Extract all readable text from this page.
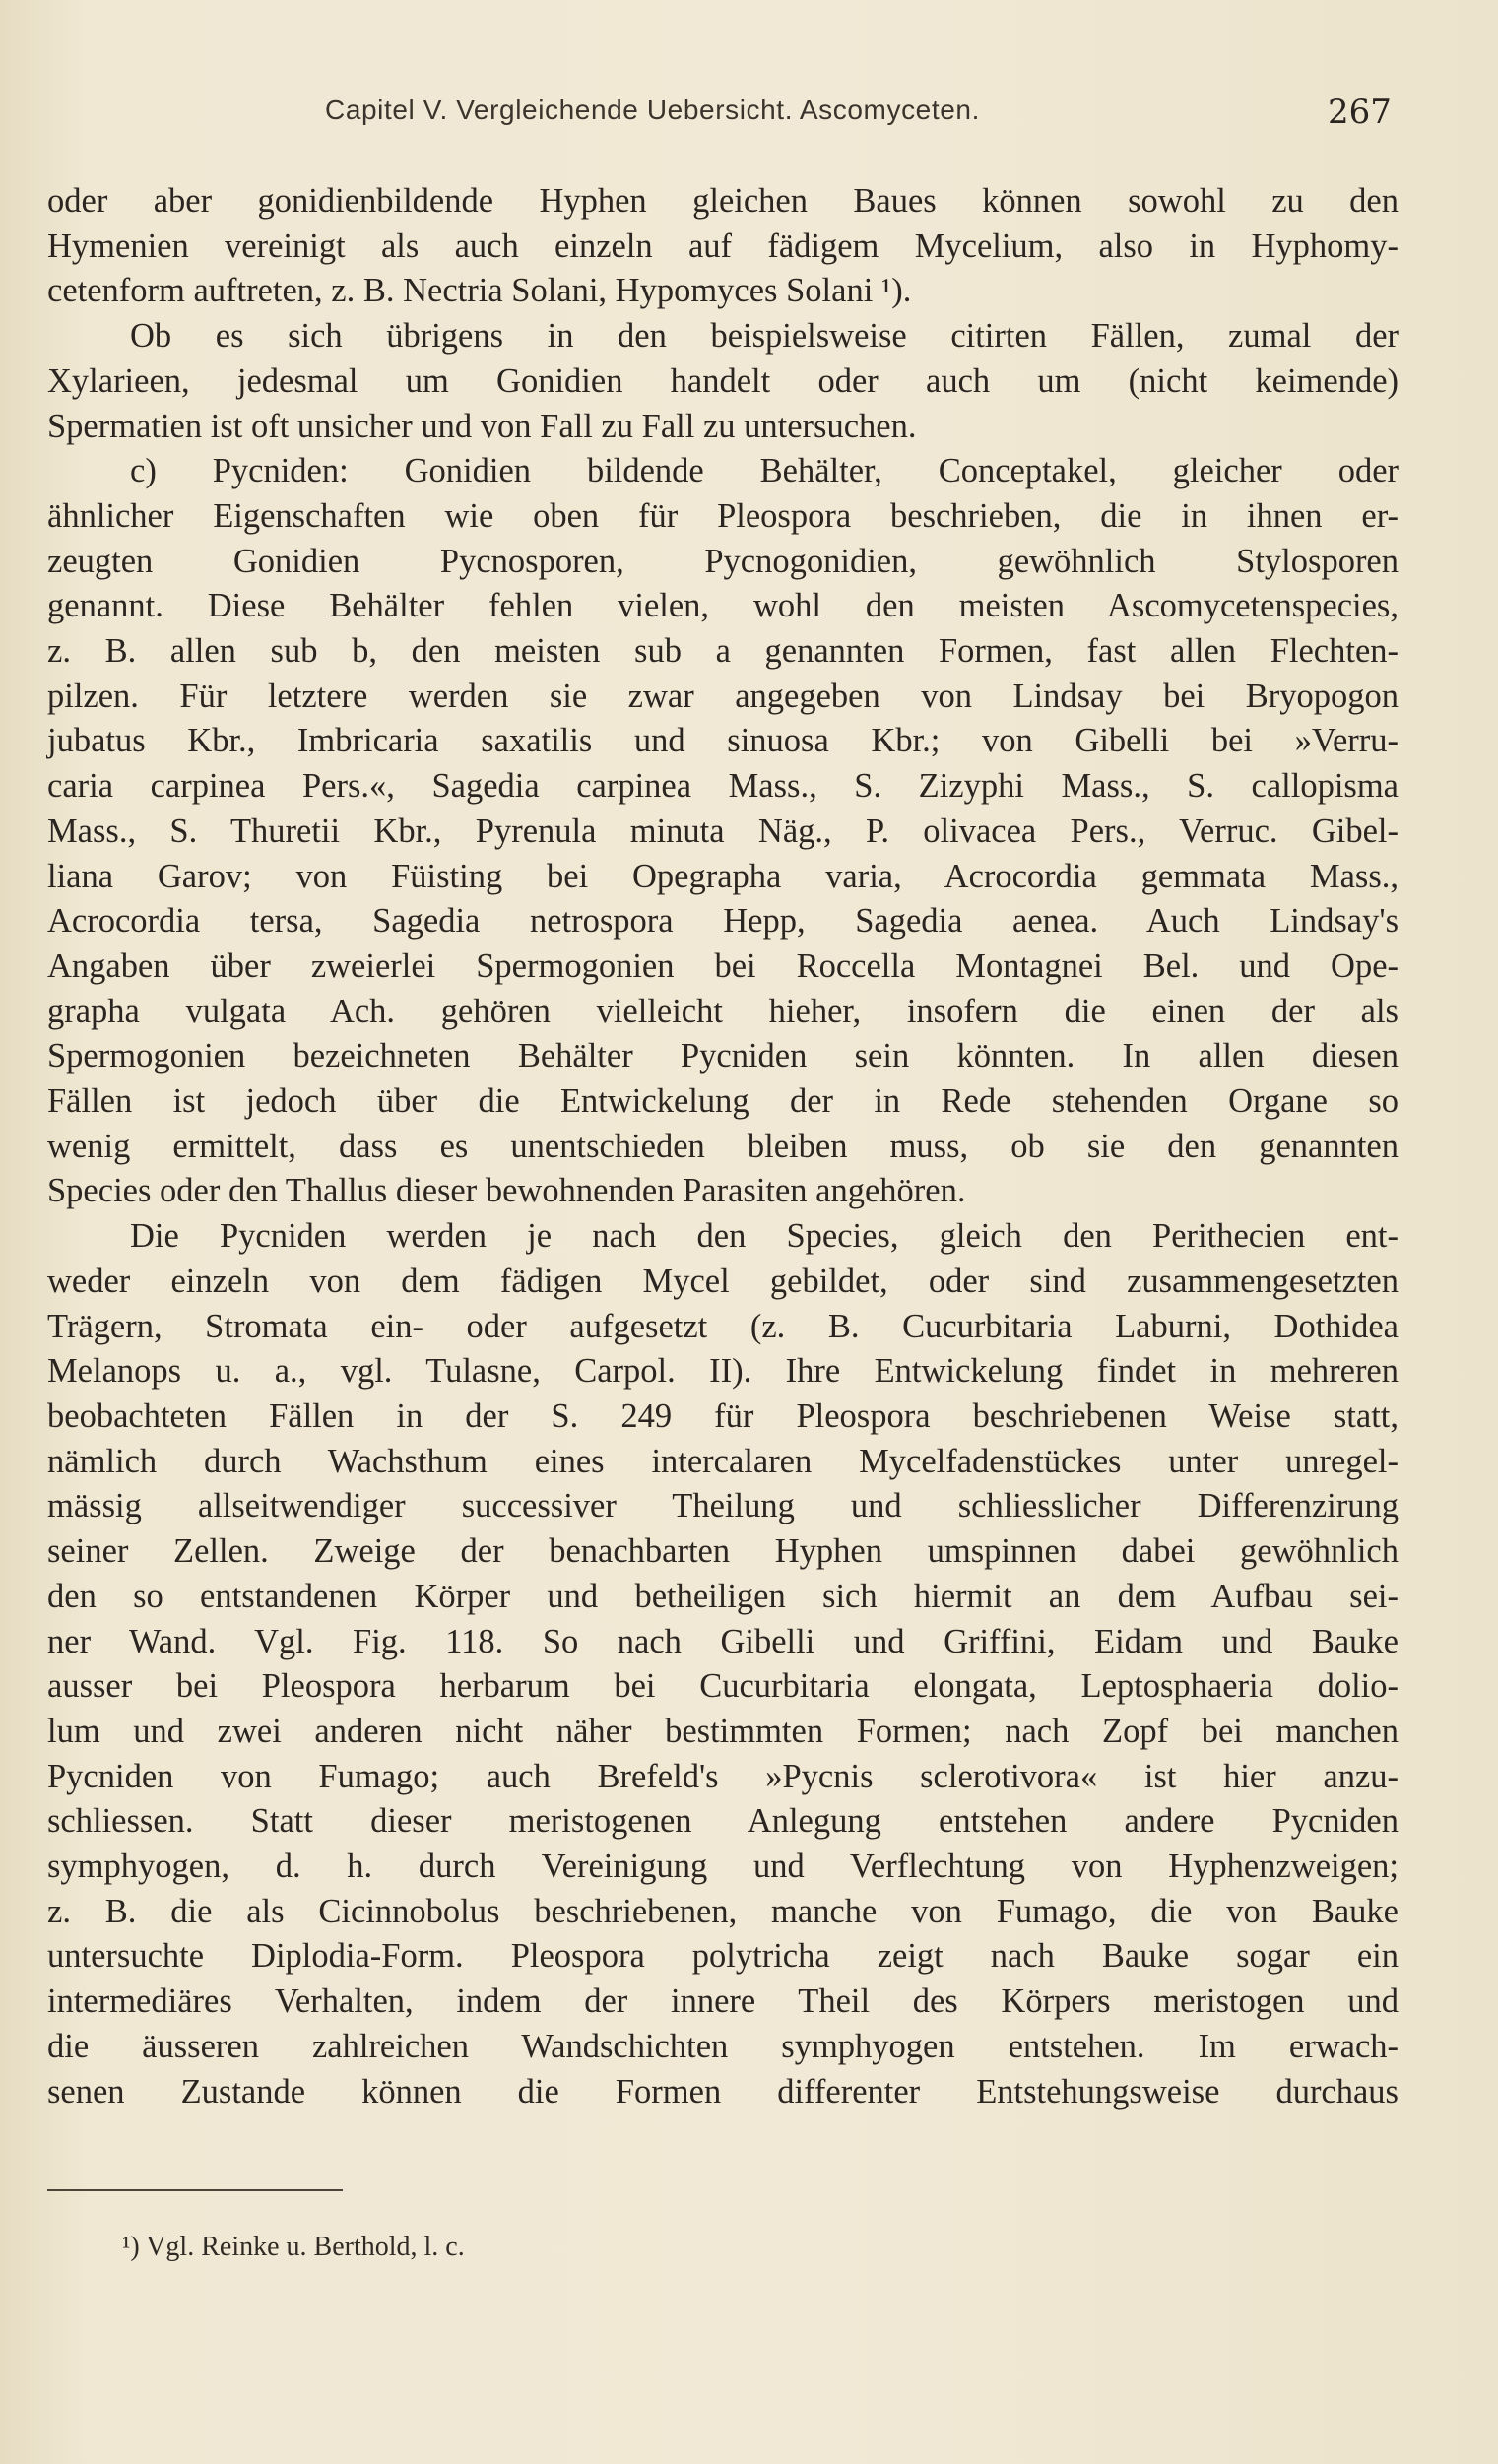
Capitel V. Vergleichende Uebersicht. Ascomyceten.	267
oder aber gonidienbildende Hyphen gleichen Baues können sowohl zu den
Hymenien vereinigt als auch einzeln auf fädigem Mycelium, also in Hyphomy-
cetenform auftreten, z. B. Nectria Solani, Hypomyces Solani ¹).
Ob es sich übrigens in den beispielsweise citirten Fällen, zumal der
Xylarieen, jedesmal um Gonidien handelt oder auch um (nicht keimende)
Spermatien ist oft unsicher und von Fall zu Fall zu untersuchen.
c) Pycniden: Gonidien bildende Behälter, Conceptakel, gleicher oder
ähnlicher Eigenschaften wie oben für Pleospora beschrieben, die in ihnen er-
zeugten Gonidien Pycnosporen, Pycnogonidien, gewöhnlich Stylosporen
genannt. Diese Behälter fehlen vielen, wohl den meisten Ascomycetenspecies,
z. B. allen sub b, den meisten sub a genannten Formen, fast allen Flechten-
pilzen. Für letztere werden sie zwar angegeben von Lindsay bei Bryopogon
jubatus Kbr., Imbricaria saxatilis und sinuosa Kbr.; von Gibelli bei »Verru-
caria carpinea Pers.«, Sagedia carpinea Mass., S. Zizyphi Mass., S. callopisma
Mass., S. Thuretii Kbr., Pyrenula minuta Näg., P. olivacea Pers., Verruc. Gibel-
liana Garov; von Füisting bei Opegrapha varia, Acrocordia gemmata Mass.,
Acrocordia tersa, Sagedia netrospora Hepp, Sagedia aenea. Auch Lindsay's
Angaben über zweierlei Spermogonien bei Roccella Montagnei Bel. und Ope-
grapha vulgata Ach. gehören vielleicht hieher, insofern die einen der als
Spermogonien bezeichneten Behälter Pycniden sein könnten. In allen diesen
Fällen ist jedoch über die Entwickelung der in Rede stehenden Organe so
wenig ermittelt, dass es unentschieden bleiben muss, ob sie den genannten
Species oder den Thallus dieser bewohnenden Parasiten angehören.
Die Pycniden werden je nach den Species, gleich den Perithecien ent-
weder einzeln von dem fädigen Mycel gebildet, oder sind zusammengesetzten
Trägern, Stromata ein- oder aufgesetzt (z. B. Cucurbitaria Laburni, Dothidea
Melanops u. a., vgl. Tulasne, Carpol. II). Ihre Entwickelung findet in mehreren
beobachteten Fällen in der S. 249 für Pleospora beschriebenen Weise statt,
nämlich durch Wachsthum eines intercalaren Mycelfadenstückes unter unregel-
mässig allseitwendiger successiver Theilung und schliesslicher Differenzirung
seiner Zellen. Zweige der benachbarten Hyphen umspinnen dabei gewöhnlich
den so entstandenen Körper und betheiligen sich hiermit an dem Aufbau sei-
ner Wand. Vgl. Fig. 118. So nach Gibelli und Griffini, Eidam und Bauke
ausser bei Pleospora herbarum bei Cucurbitaria elongata, Leptosphaeria dolio-
lum und zwei anderen nicht näher bestimmten Formen; nach Zopf bei manchen
Pycniden von Fumago; auch Brefeld's »Pycnis sclerotivora« ist hier anzu-
schliessen. Statt dieser meristogenen Anlegung entstehen andere Pycniden
symphyogen, d. h. durch Vereinigung und Verflechtung von Hyphenzweigen;
z. B. die als Cicinnobolus beschriebenen, manche von Fumago, die von Bauke
untersuchte Diplodia-Form. Pleospora polytricha zeigt nach Bauke sogar ein
intermediäres Verhalten, indem der innere Theil des Körpers meristogen und
die äusseren zahlreichen Wandschichten symphyogen entstehen. Im erwach-
senen Zustande können die Formen differenter Entstehungsweise durchaus
¹) Vgl. Reinke u. Berthold, l. c.
